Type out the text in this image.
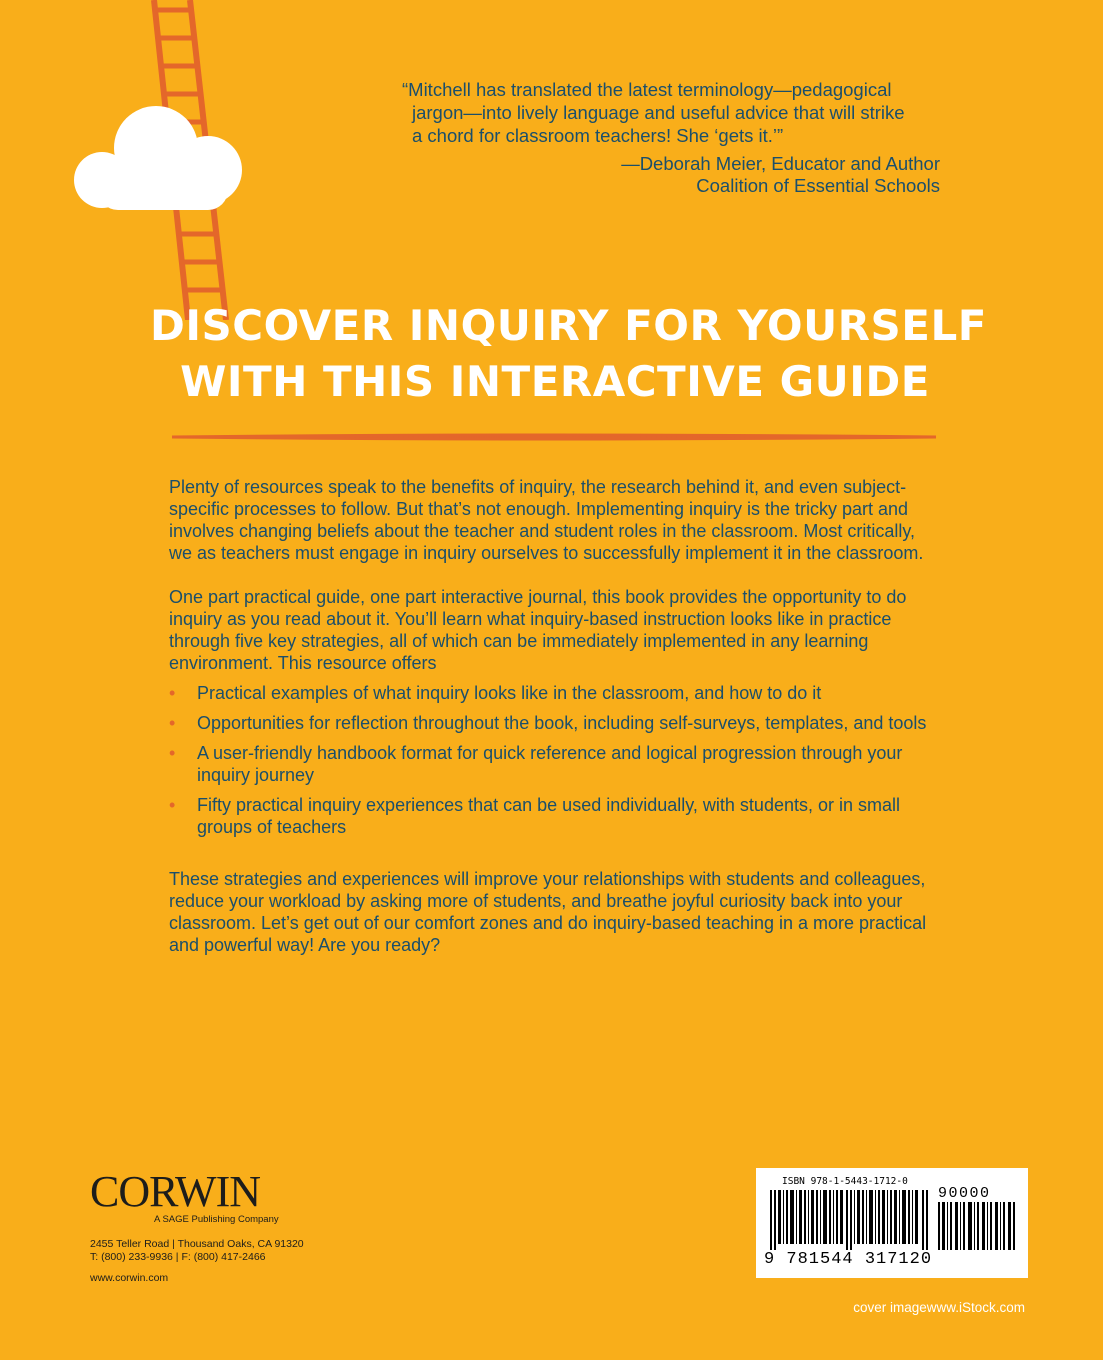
“Mitchell has translated the latest terminology—pedagogical

jargon—into lively language and useful advice that will strike

a chord for classroom teachers! She ‘gets it.’”

—Deborah Meier, Educator and Author
Coalition of Essential Schools
DISCOVER INQUIRY FOR YOURSELF
WITH THIS INTERACTIVE GUIDE

Plenty of resources speak to the benefits of inquiry, the research behind it, and even subject-specific processes to follow. But that’s not enough. Implementing inquiry is the tricky part and involves changing beliefs about the teacher and student roles in the classroom. Most critically, we as teachers must engage in inquiry ourselves to successfully implement it in the classroom.

One part practical guide, one part interactive journal, this book provides the opportunity to do inquiry as you read about it. You’ll learn what inquiry-based instruction looks like in practice through five key strategies, all of which can be immediately implemented in any learning environment. This resource offers

• Practical examples of what inquiry looks like in the classroom, and how to do it
• Opportunities for reflection throughout the book, including self-surveys, templates, and tools
• A user-friendly handbook format for quick reference and logical progression through your inquiry journey
• Fifty practical inquiry experiences that can be used individually, with students, or in small groups of teachers

These strategies and experiences will improve your relationships with students and colleagues, reduce your workload by asking more of students, and breathe joyful curiosity back into your classroom. Let’s get out of our comfort zones and do inquiry-based teaching in a more practical and powerful way! Are you ready?

CORWIN
A SAGE Publishing Company
2455 Teller Road | Thousand Oaks, CA 91320
T: (800) 233-9936 | F: (800) 417-2466
www.corwin.com
ISBN 978-1-5443-1712-0
90000
9 781544 317120
cover imagewww.iStock.com
